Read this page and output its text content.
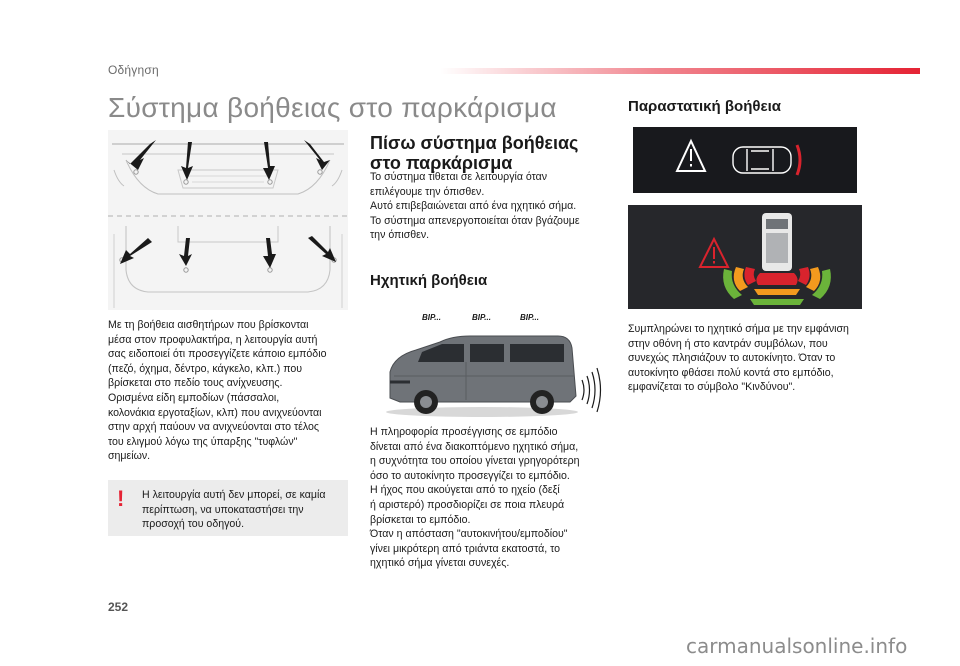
Οδήγηση
Σύστημα βοήθειας στο παρκάρισμα
Με τη βοήθεια αισθητήρων που βρίσκονται
μέσα στον προφυλακτήρα, η λειτουργία αυτή
σας ειδοποιεί ότι προσεγγίζετε κάποιο εμπόδιο
(πεζό, όχημα, δέντρο, κάγκελο, κλπ.) που
βρίσκεται στο πεδίο τους ανίχνευσης.
Ορισμένα είδη εμποδίων (πάσσαλοι,
κολονάκια εργοταξίων, κλπ) που ανιχνεύονται
στην αρχή παύουν να ανιχνεύονται στο τέλος
του ελιγμού λόγω της ύπαρξης "τυφλών"
σημείων.
! Η λειτουργία αυτή δεν μπορεί, σε καμία
περίπτωση, να υποκαταστήσει την
προσοχή του οδηγού.
Πίσω σύστημα βοήθειας
στο παρκάρισμα
Το σύστημα τίθεται σε λειτουργία όταν
επιλέγουμε την όπισθεν.
Αυτό επιβεβαιώνεται από ένα ηχητικό σήμα.
Το σύστημα απενεργοποιείται όταν βγάζουμε
την όπισθεν.
Ηχητική βοήθεια
BIP...	BIP...	BIP...
Η πληροφορία προσέγγισης σε εμπόδιο
δίνεται από ένα διακοπτόμενο ηχητικό σήμα,
η συχνότητα του οποίου γίνεται γρηγορότερη
όσο το αυτοκίνητο προσεγγίζει το εμπόδιο.
Η ήχος που ακούγεται από το ηχείο (δεξί
ή αριστερό) προσδιορίζει σε ποια πλευρά
βρίσκεται το εμπόδιο.
Όταν η απόσταση "αυτοκινήτου/εμποδίου"
γίνει μικρότερη από τριάντα εκατοστά, το
ηχητικό σήμα γίνεται συνεχές.
Παραστατική βοήθεια
Συμπληρώνει το ηχητικό σήμα με την εμφάνιση
στην οθόνη ή στο καντράν συμβόλων, που
συνεχώς πλησιάζουν το αυτοκίνητο. Όταν το
αυτοκίνητο φθάσει πολύ κοντά στο εμπόδιο,
εμφανίζεται το σύμβολο "Κινδύνου".
252
carmanualsonline.info
